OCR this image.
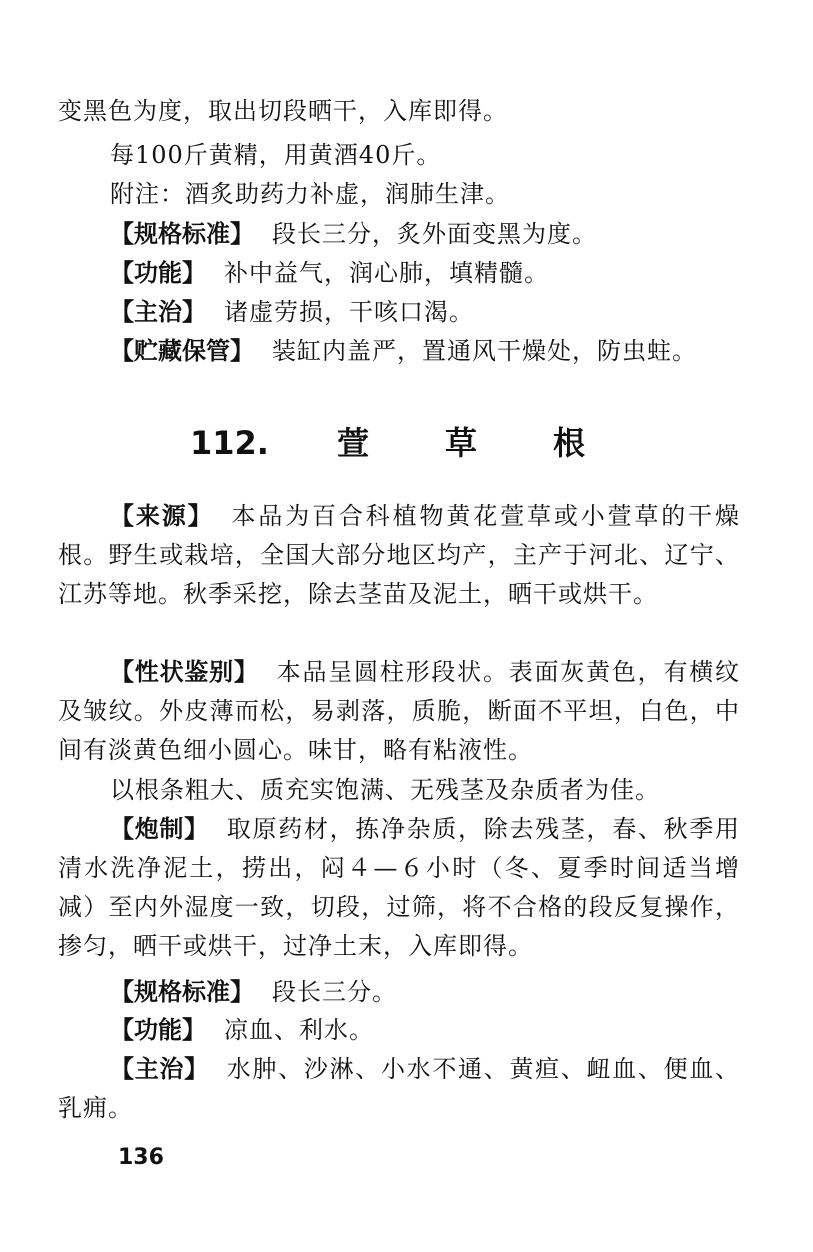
变黑色为度，取出切段晒干，入库即得。

每100斤黄精，用黄酒40斤。
附注：酒炙助药力补虚，润肺生津。
【规格标准】 段长三分，炙外面变黑为度。
【功能】 补中益气，润心肺，填精髓。
【主治】 诸虚劳损，干咳口渴。
【贮藏保管】 装缸内盖严，置通风干燥处，防虫蛀。
112. 萱 草 根

【来源】 本品为百合科植物黄花萱草或小萱草的干燥根。野生或栽培，全国大部分地区均产，主产于河北、辽宁、江苏等地。秋季采挖，除去茎苗及泥土，晒干或烘干。

【性状鉴别】 本品呈圆柱形段状。表面灰黄色，有横纹及皱纹。外皮薄而松，易剥落，质脆，断面不平坦，白色，中间有淡黄色细小圆心。味甘，略有粘液性。

以根条粗大、质充实饱满、无残茎及杂质者为佳。

【炮制】 取原药材，拣净杂质，除去残茎，春、秋季用清水洗净泥土，捞出，闷４—６小时（冬、夏季时间适当增减）至内外湿度一致，切段，过筛，将不合格的段反复操作，掺匀，晒干或烘干，过净土末，入库即得。

【规格标准】 段长三分。
【功能】 凉血、利水。

【主治】 水肿、沙淋、小水不通、黄疸、衄血、便血、乳痈。

136
